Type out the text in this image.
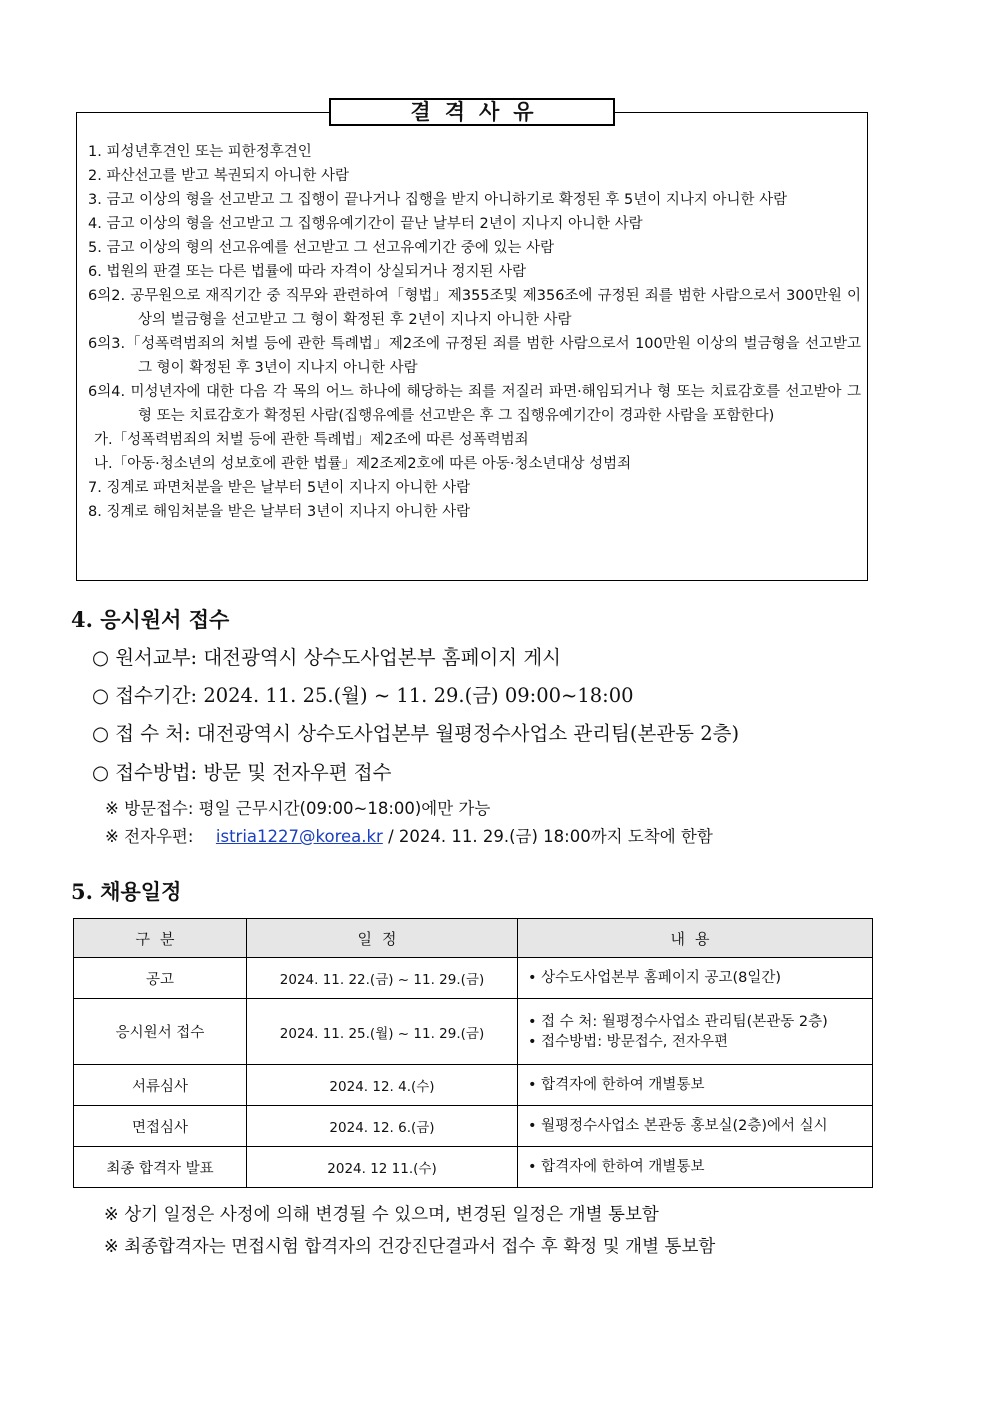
결격사유
1. 피성년후견인 또는 피한정후견인
2. 파산선고를 받고 복권되지 아니한 사람
3. 금고 이상의 형을 선고받고 그 집행이 끝나거나 집행을 받지 아니하기로 확정된 후 5년이 지나지 아니한 사람
4. 금고 이상의 형을 선고받고 그 집행유예기간이 끝난 날부터 2년이 지나지 아니한 사람
5. 금고 이상의 형의 선고유예를 선고받고 그 선고유예기간 중에 있는 사람
6. 법원의 판결 또는 다른 법률에 따라 자격이 상실되거나 정지된 사람
6의2. 공무원으로 재직기간 중 직무와 관련하여「형법」제355조및 제356조에 규정된 죄를 범한 사람으로서 300만원 이상의 벌금형을 선고받고 그 형이 확정된 후 2년이 지나지 아니한 사람
6의3.「성폭력범죄의 처벌 등에 관한 특례법」제2조에 규정된 죄를 범한 사람으로서 100만원 이상의 벌금형을 선고받고 그 형이 확정된 후 3년이 지나지 아니한 사람
6의4. 미성년자에 대한 다음 각 목의 어느 하나에 해당하는 죄를 저질러 파면·해임되거나 형 또는 치료감호를 선고받아 그 형 또는 치료감호가 확정된 사람(집행유예를 선고받은 후 그 집행유예기간이 경과한 사람을 포함한다)
가.「성폭력범죄의 처벌 등에 관한 특례법」제2조에 따른 성폭력범죄
나.「아동·청소년의 성보호에 관한 법률」제2조제2호에 따른 아동·청소년대상 성범죄
7. 징계로 파면처분을 받은 날부터 5년이 지나지 아니한 사람
8. 징계로 해임처분을 받은 날부터 3년이 지나지 아니한 사람
4. 응시원서 접수
○ 원서교부: 대전광역시 상수도사업본부 홈페이지 게시
○ 접수기간: 2024. 11. 25.(월) ~ 11. 29.(금) 09:00~18:00
○ 접 수 처: 대전광역시 상수도사업본부 월평정수사업소 관리팀(본관동 2층)
○ 접수방법: 방문 및 전자우편 접수
※ 방문접수: 평일 근무시간(09:00~18:00)에만 가능
※ 전자우편: istria1227@korea.kr / 2024. 11. 29.(금) 18:00까지 도착에 한함
5. 채용일정
구분	일정	내용
공고	2024. 11. 22.(금) ~ 11. 29.(금)	• 상수도사업본부 홈페이지 공고(8일간)

응시원서 접수	2024. 11. 25.(월) ~ 11. 29.(금)	• 접 수 처: 월평정수사업소 관리팀(본관동 2층)
• 접수방법: 방문접수, 전자우편

서류심사	2024. 12. 4.(수)	• 합격자에 한하여 개별통보

면접심사	2024. 12. 6.(금)	• 월평정수사업소 본관동 홍보실(2층)에서 실시

최종 합격자 발표	2024. 12 11.(수)	• 합격자에 한하여 개별통보
※ 상기 일정은 사정에 의해 변경될 수 있으며, 변경된 일정은 개별 통보함
※ 최종합격자는 면접시험 합격자의 건강진단결과서 접수 후 확정 및 개별 통보함
